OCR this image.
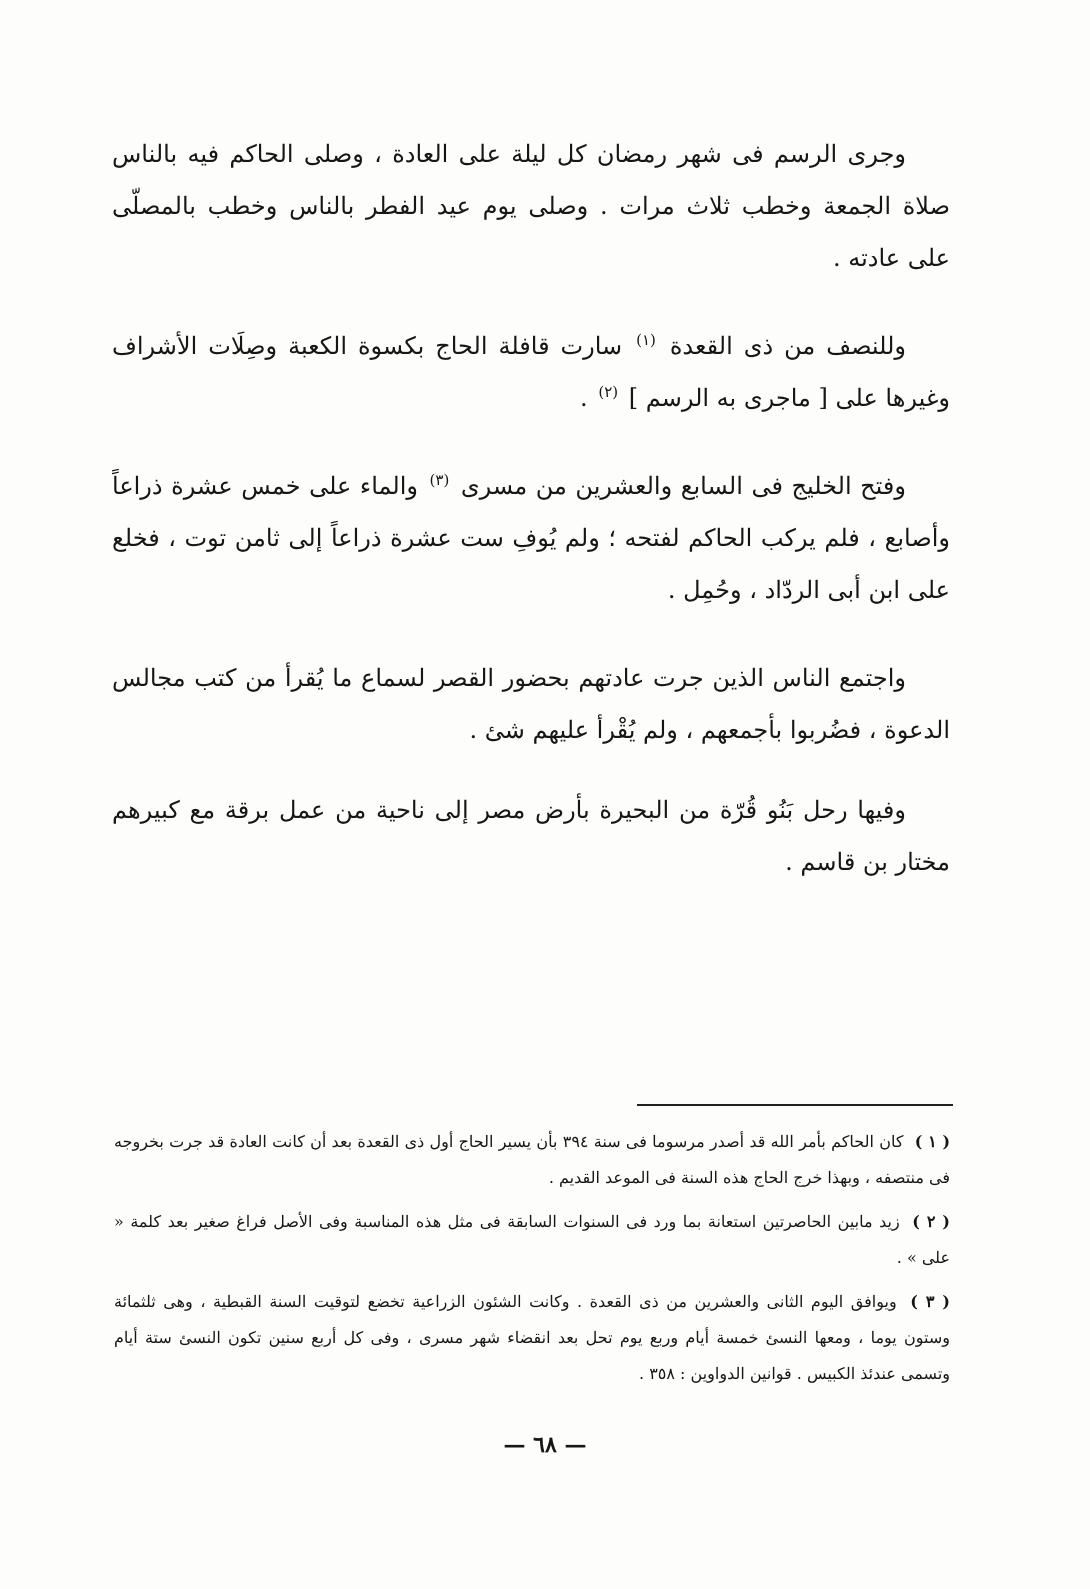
وجرى الرسم فى شهر رمضان كل ليلة على العادة ، وصلى الحاكم فيه بالناس صلاة الجمعة وخطب ثلاث مرات . وصلى يوم عيد الفطر بالناس وخطب بالمصلّى على عادته .

وللنصف من ذى القعدة $^{(١)}$ سارت قافلة الحاج بكسوة الكعبة وصِلَات الأشراف وغيرها على [ ماجرى به الرسم ] $^{(٢)}$ .

وفتح الخليج فى السابع والعشرين من مسرى $^{(٣)}$ والماء على خمس عشرة ذراعاً وأصابع ، فلم يركب الحاكم لفتحه ؛ ولم يُوفِ ست عشرة ذراعاً إلى ثامن توت ، فخلع على ابن أبى الردّاد ، وحُمِل .

واجتمع الناس الذين جرت عادتهم بحضور القصر لسماع ما يُقرأ من كتب مجالس الدعوة ، فضُربوا بأجمعهم ، ولم يُقْرأ عليهم شئ .

وفيها رحل بَنُو قُرّة من البحيرة بأرض مصر إلى ناحية من عمل برقة مع كبيرهم مختار بن قاسم .

( ١ ) كان الحاكم بأمر الله قد أصدر مرسوما فى سنة ٣٩٤ بأن يسير الحاج أول ذى القعدة بعد أن كانت العادة قد جرت بخروجه فى منتصفه ، وبهذا خرج الحاج هذه السنة فى الموعد القديم .

( ٢ ) زيد مابين الحاصرتين استعانة بما ورد فى السنوات السابقة فى مثل هذه المناسبة وفى الأصل فراغ صغير بعد كلمة « على » .

( ٣ ) ويوافق اليوم الثانى والعشرين من ذى القعدة . وكانت الشئون الزراعية تخضع لتوقيت السنة القبطية ، وهى ثلثمائة وستون يوما ، ومعها النسئ خمسة أيام وربع يوم تحل بعد انقضاء شهر مسرى ، وفى كل أربع سنين تكون النسئ ستة أيام وتسمى عندئذ الكبيس . قوانين الدواوين : ٣٥٨ .

— ٦٨ —
